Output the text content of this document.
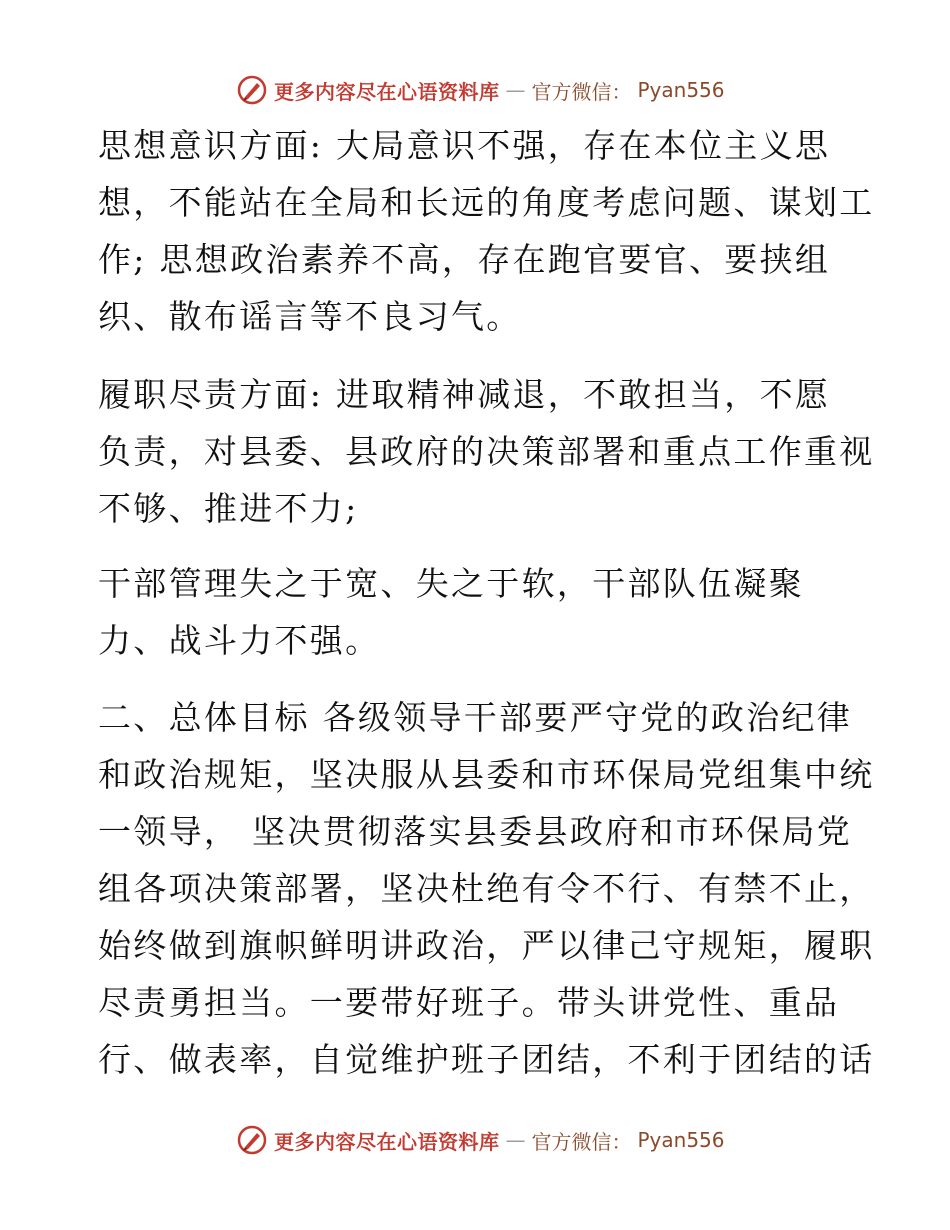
更多内容尽在心语资料库 — 官方微信： Pyan556

思想意识方面: 大局意识不强，存在本位主义思
想，不能站在全局和长远的角度考虑问题、谋划工
作; 思想政治素养不高，存在跑官要官、要挟组
织、散布谣言等不良习气。

履职尽责方面: 进取精神减退，不敢担当，不愿
负责，对县委、县政府的决策部署和重点工作重视
不够、推进不力;

干部管理失之于宽、失之于软，干部队伍凝聚
力、战斗力不强。

二、总体目标 各级领导干部要严守党的政治纪律
和政治规矩，坚决服从县委和市环保局党组集中统
一领导， 坚决贯彻落实县委县政府和市环保局党
组各项决策部署，坚决杜绝有令不行、有禁不止，
始终做到旗帜鲜明讲政治，严以律己守规矩，履职
尽责勇担当。一要带好班子。带头讲党性、重品
行、做表率，自觉维护班子团结，不利于团结的话

更多内容尽在心语资料库 — 官方微信： Pyan556
